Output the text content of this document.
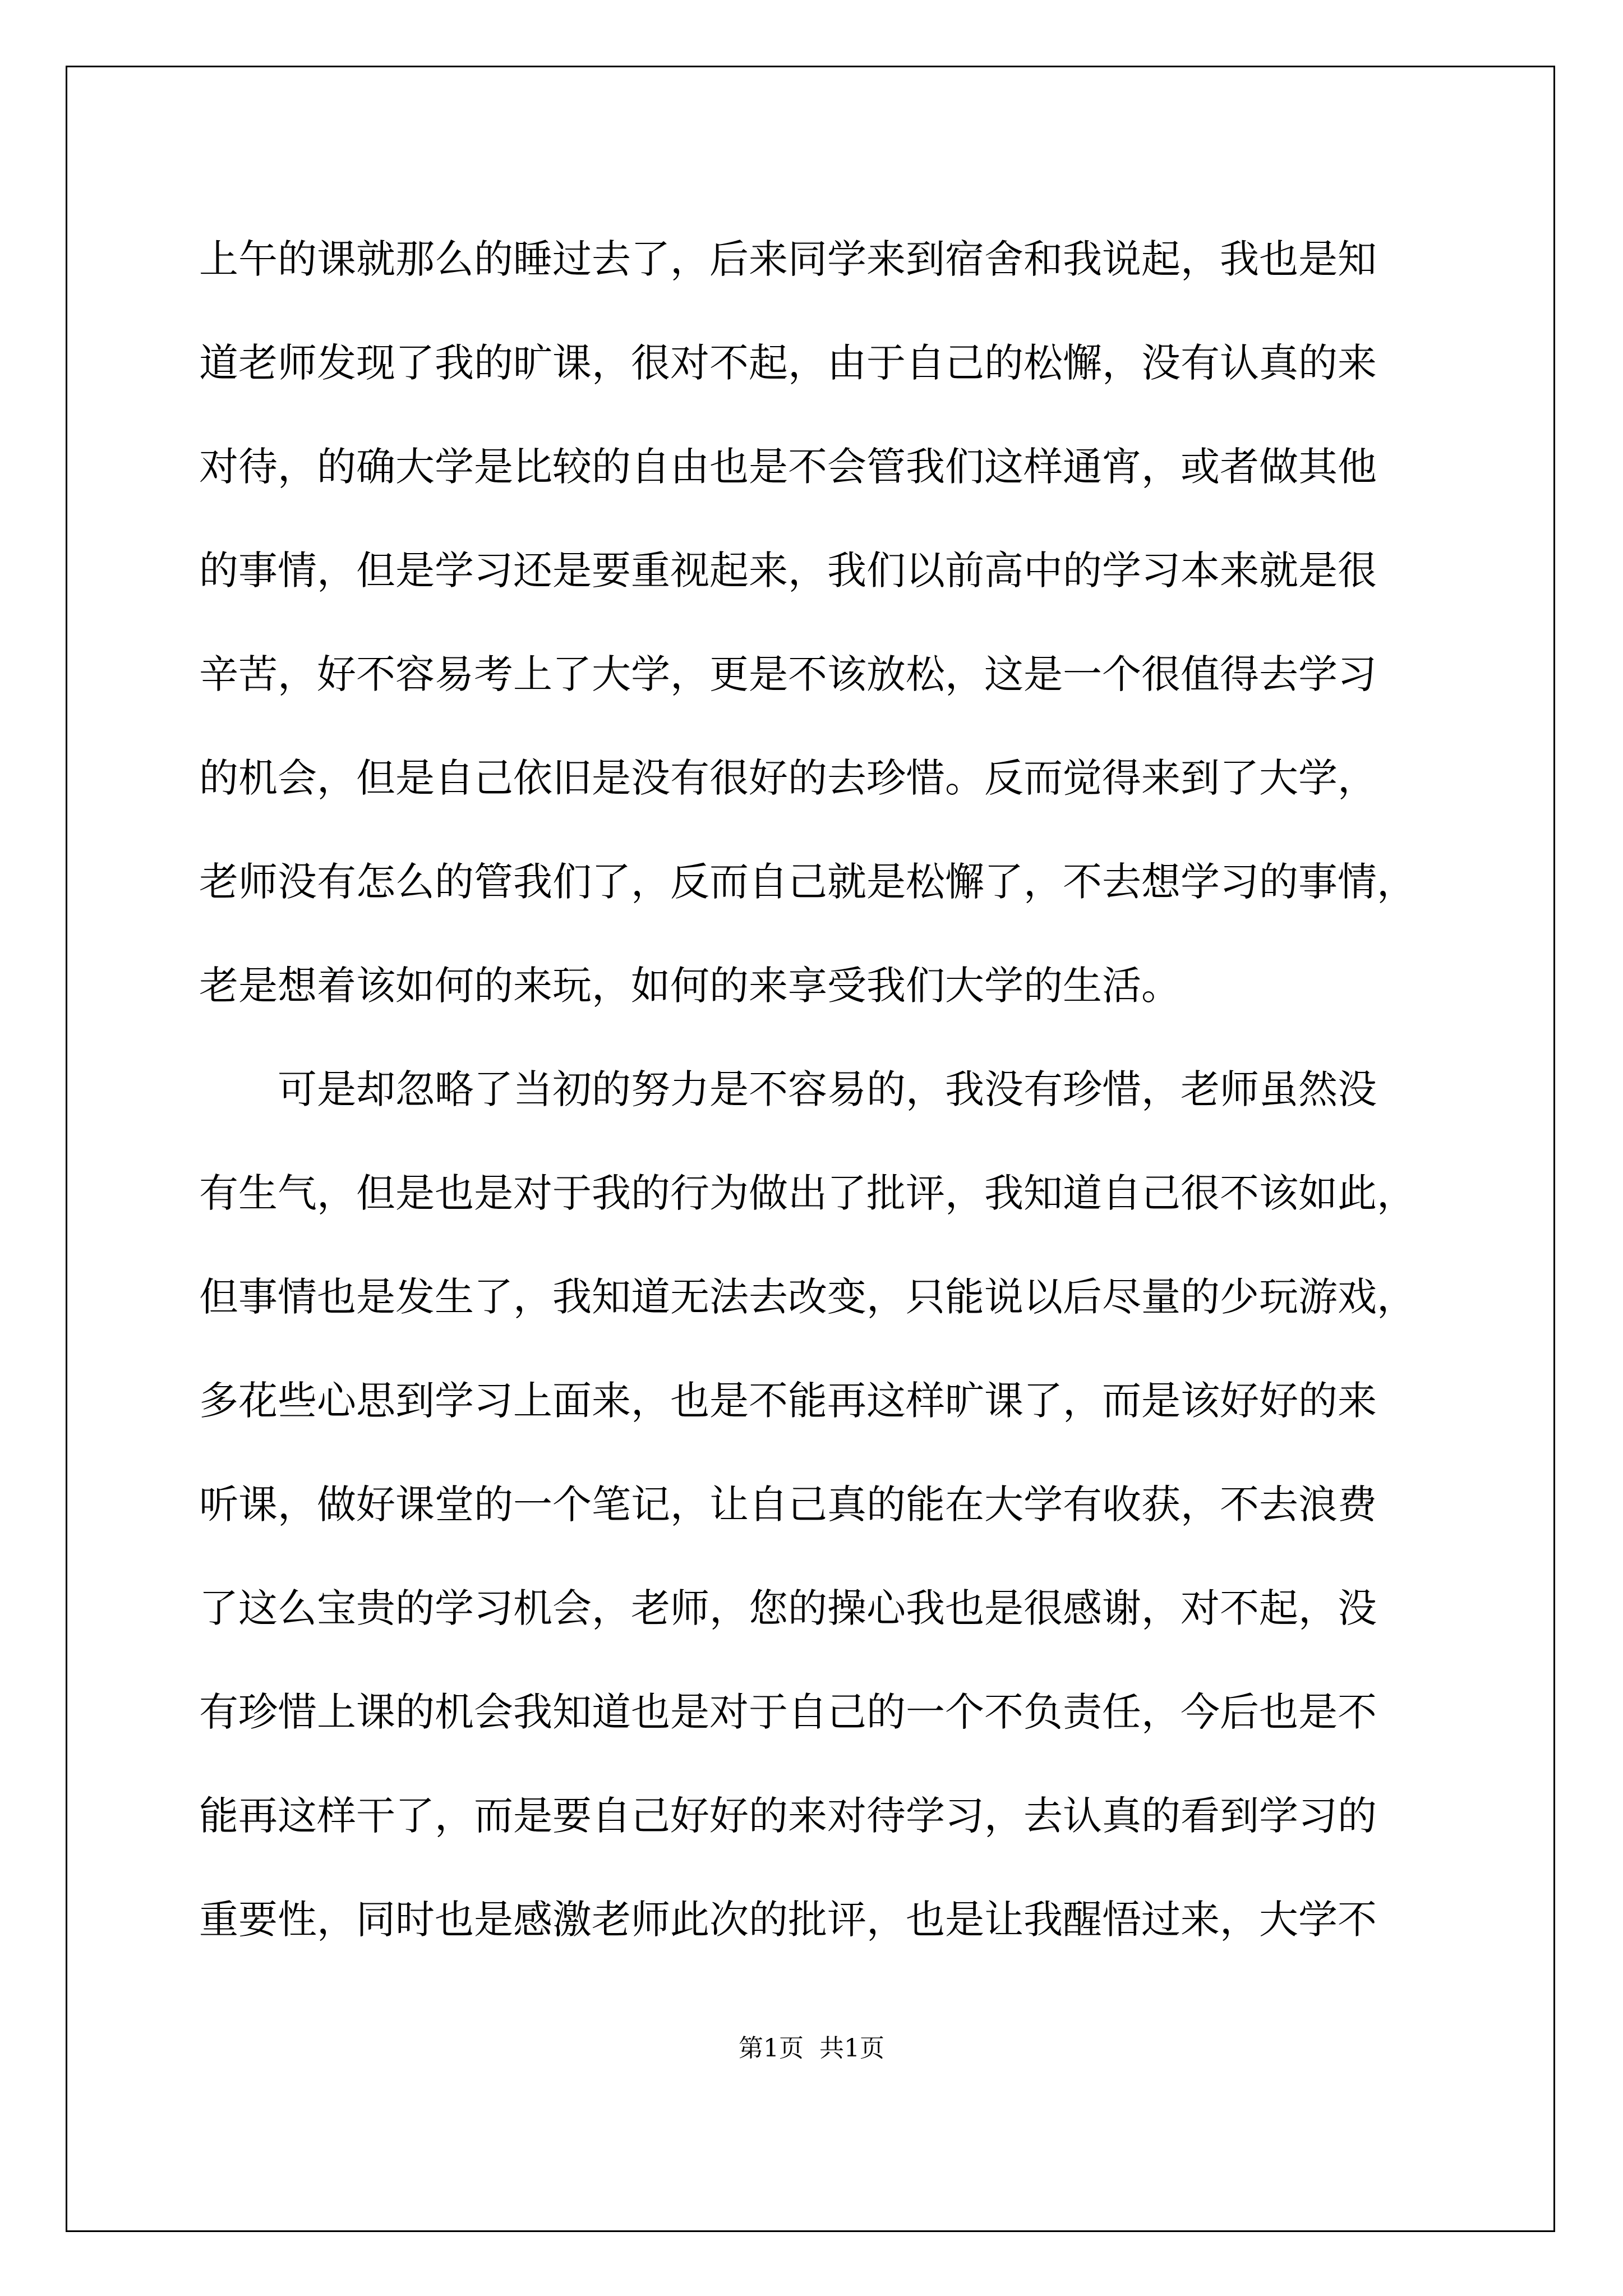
上午的课就那么的睡过去了，后来同学来到宿舍和我说起，我也是知
道老师发现了我的旷课，很对不起，由于自己的松懈，没有认真的来
对待，的确大学是比较的自由也是不会管我们这样通宵，或者做其他
的事情，但是学习还是要重视起来，我们以前高中的学习本来就是很
辛苦，好不容易考上了大学，更是不该放松，这是一个很值得去学习
的机会，但是自己依旧是没有很好的去珍惜。反而觉得来到了大学，
老师没有怎么的管我们了，反而自己就是松懈了，不去想学习的事情，
老是想着该如何的来玩，如何的来享受我们大学的生活。
可是却忽略了当初的努力是不容易的，我没有珍惜，老师虽然没
有生气，但是也是对于我的行为做出了批评，我知道自己很不该如此，
但事情也是发生了，我知道无法去改变，只能说以后尽量的少玩游戏，
多花些心思到学习上面来，也是不能再这样旷课了，而是该好好的来
听课，做好课堂的一个笔记，让自己真的能在大学有收获，不去浪费
了这么宝贵的学习机会，老师，您的操心我也是很感谢，对不起，没
有珍惜上课的机会我知道也是对于自己的一个不负责任，今后也是不
能再这样干了，而是要自己好好的来对待学习，去认真的看到学习的
重要性，同时也是感激老师此次的批评，也是让我醒悟过来，大学不
第1页  共1页
